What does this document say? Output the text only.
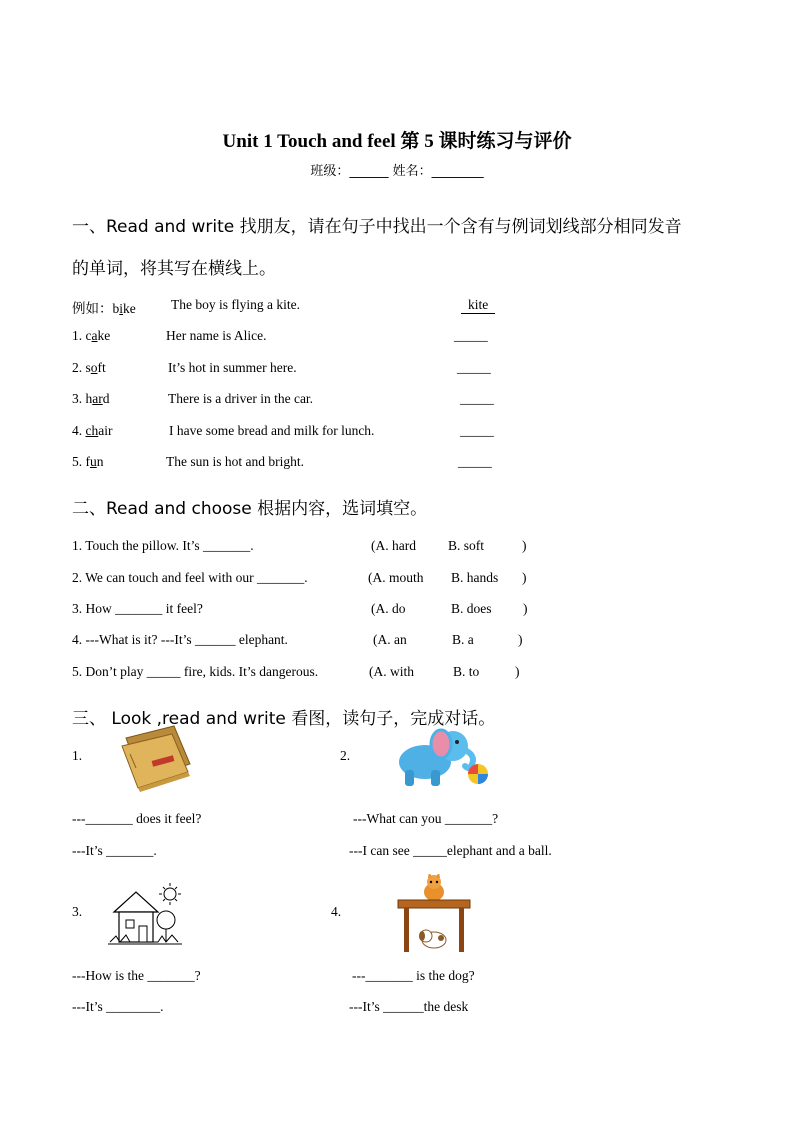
Unit 1 Touch and feel 第 5 课时练习与评价
班级：______ 姓名：________
一、Read and write 找朋友，请在句子中找出一个含有与例词划线部分相同发音
的单词，将其写在横线上。
例如：bike	The boy is flying a kite.	kite
1. cake	Her name is Alice.	_____
2. soft	It’s hot in summer here.	_____
3. hard	There is a driver in the car.	_____
4. chair	I have some bread and milk for lunch.	_____
5. fun	The sun is hot and bright.	_____
二、Read and choose 根据内容，选词填空。
1. Touch the pillow. It’s _______.	(A. hard B. soft	)
2. We can touch and feel with our _______.	(A. mouth B. hands )
3. How _______ it feel?	(A. do	B. does )
4. ---What is it? ---It’s ______ elephant.	(A. an	B. a	)
5. Don’t play _____ fire, kids. It’s dangerous.	(A. with	B. to	)
三、 Look ,read and write 看图，读句子，完成对话。
1.	2.
---_______ does it feel?
---It’s _______.
---What can you _______?
---I can see _____elephant and a ball.
3.	4.
---How is the _______?
---It’s ________.
---_______ is the dog?
---It’s ______the desk
